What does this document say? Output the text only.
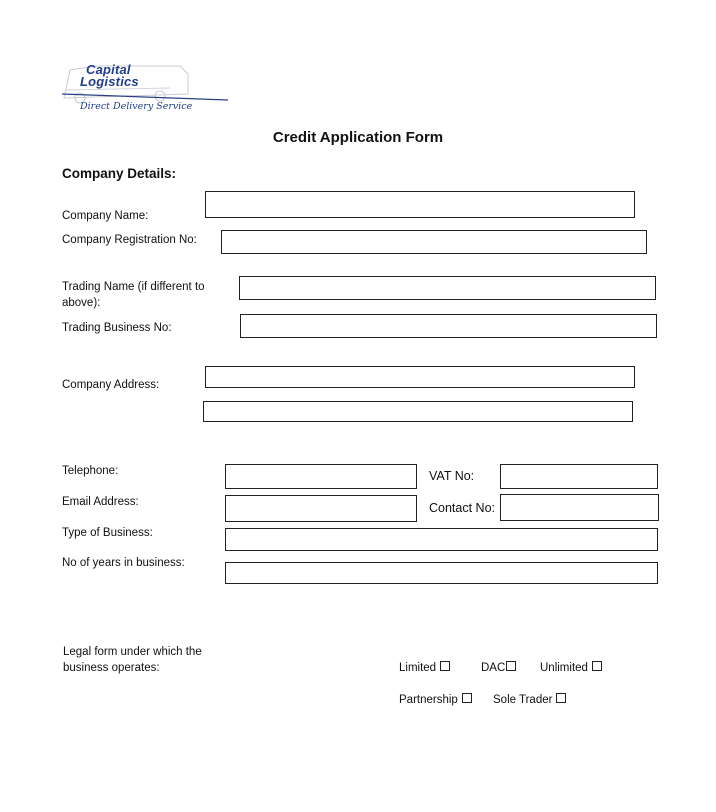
Capital
Logistics
Direct Delivery Service
Credit Application Form
Company Details:
Company Name:
Company Registration No:
Trading Name (if different to above):
Trading Business No:
Company Address:
Telephone:	VAT No:
Email Address:	Contact No:
Type of Business:
No of years in business:
Legal form under which the business operates:	Limited	DAC	Unlimited
Partnership	Sole Trader
